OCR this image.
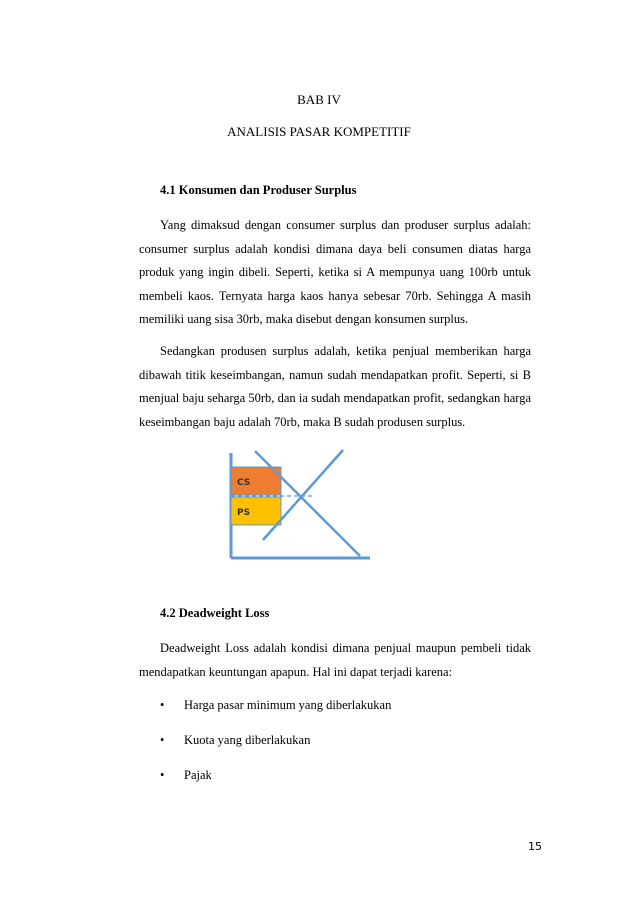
BAB IV
ANALISIS PASAR KOMPETITIF
4.1 Konsumen dan Produser Surplus

Yang dimaksud dengan consumer surplus dan produser surplus adalah: consumer surplus adalah kondisi dimana daya beli consumen diatas harga produk yang ingin dibeli. Seperti, ketika si A mempunya uang 100rb untuk membeli kaos. Ternyata harga kaos hanya sebesar 70rb. Sehingga A masih memiliki uang sisa 30rb, maka disebut dengan konsumen surplus.

Sedangkan produsen surplus adalah, ketika penjual memberikan harga dibawah titik keseimbangan, namun sudah mendapatkan profit. Seperti, si B menjual baju seharga 50rb, dan ia sudah mendapatkan profit, sedangkan harga keseimbangan baju adalah 70rb, maka B sudah produsen surplus.

CS
PS
4.2 Deadweight Loss

Deadweight Loss adalah kondisi dimana penjual maupun pembeli tidak mendapatkan keuntungan apapun. Hal ini dapat terjadi karena:

• Harga pasar minimum yang diberlakukan
• Kuota yang diberlakukan
• Pajak
15
